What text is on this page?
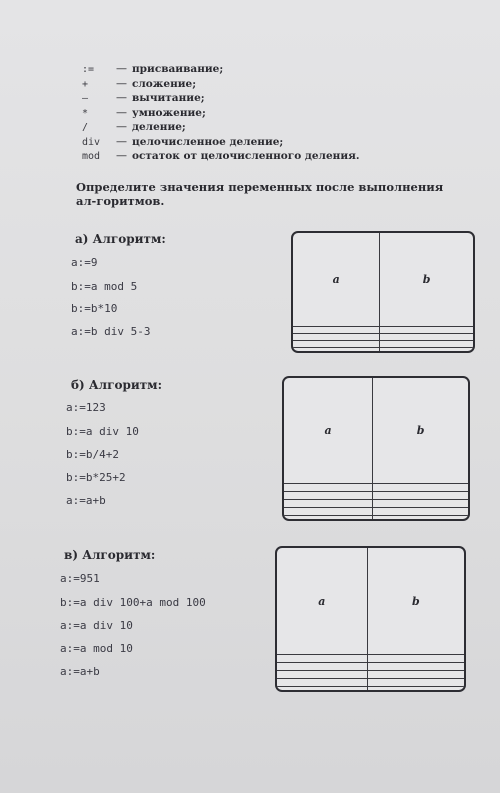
:= — присваивание;
+	— сложение;
–	— вычитание;
*	— умножение;
/	— деление;
div — целочисленное деление;
mod — остаток от целочисленного деления.
Определите значения переменных после выполнения ал-горитмов.
а) Алгоритм:
a:=9
b:=a mod 5
b:=b*10
a:=b div 5-3
a	b

б) Алгоритм:
a:=123
b:=a div 10
b:=b/4+2
b:=b*25+2
a:=a+b
a	b

в) Алгоритм:
a:=951
b:=a div 100+a mod 100
a:=a div 10
a:=a mod 10
a:=a+b
a	b
